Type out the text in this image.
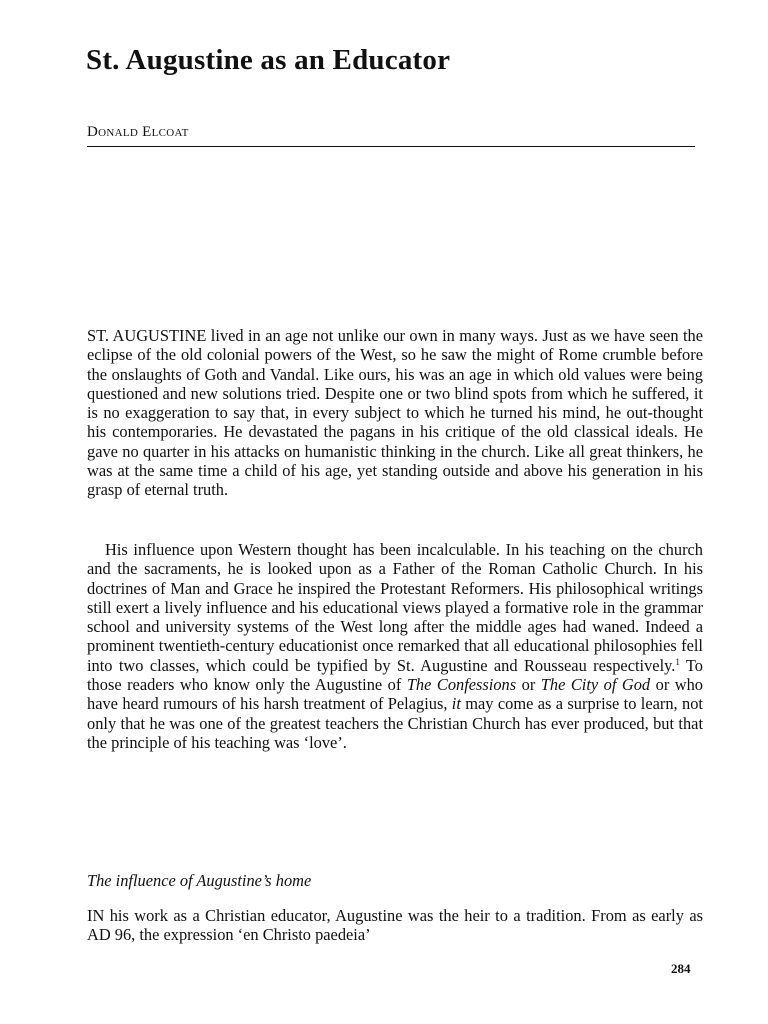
St. Augustine as an Educator
Donald Elcoat

ST. AUGUSTINE lived in an age not unlike our own in many ways. Just as we have seen the eclipse of the old colonial powers of the West, so he saw the might of Rome crumble before the onslaughts of Goth and Vandal. Like ours, his was an age in which old values were being questioned and new solutions tried. Despite one or two blind spots from which he suffered, it is no exaggeration to say that, in every subject to which he turned his mind, he out-thought his contemporaries. He devastated the pagans in his critique of the old classical ideals. He gave no quarter in his attacks on humanistic thinking in the church. Like all great thinkers, he was at the same time a child of his age, yet standing outside and above his generation in his grasp of eternal truth.

His influence upon Western thought has been incalculable. In his teaching on the church and the sacraments, he is looked upon as a Father of the Roman Catholic Church. In his doctrines of Man and Grace he inspired the Protestant Reformers. His philosophical writings still exert a lively influence and his educational views played a formative role in the grammar school and university systems of the West long after the middle ages had waned. Indeed a prominent twentieth-century educationist once remarked that all educational philosophies fell into two classes, which could be typified by St. Augustine and Rousseau respectively.$^1$ To those readers who know only the Augustine of The Confessions or The City of God or who have heard rumours of his harsh treatment of Pelagius, it may come as a surprise to learn, not only that he was one of the greatest teachers the Christian Church has ever produced, but that the principle of his teaching was ‘love’.

The influence of Augustine’s home

IN his work as a Christian educator, Augustine was the heir to a tradition. From as early as AD 96, the expression ‘en Christo paedeia’

284
